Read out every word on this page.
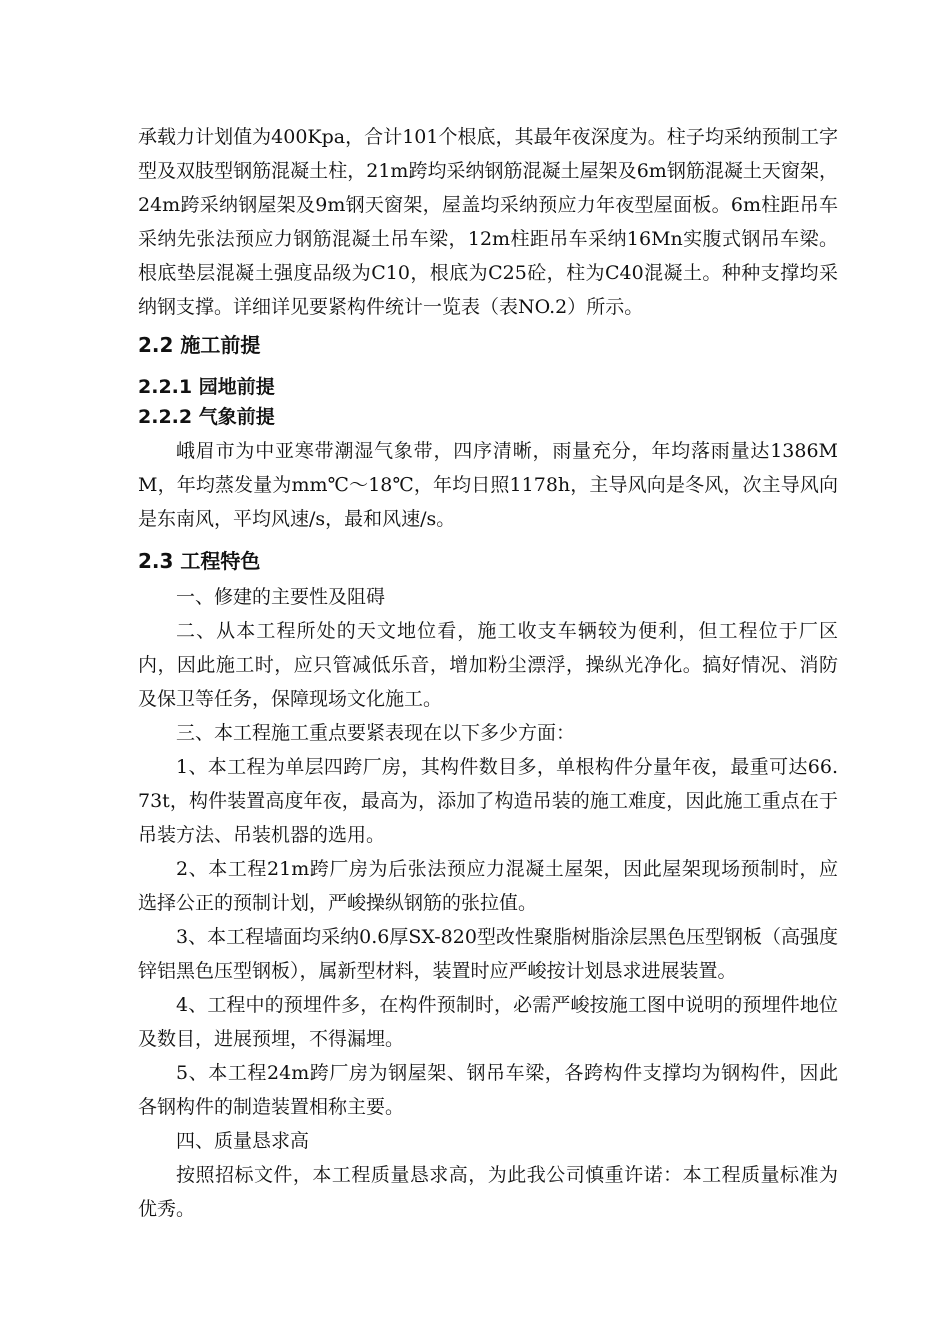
承载力计划值为400Kpa，合计101个根底，其最年夜深度为。柱子均采纳预制工字型及双肢型钢筋混凝土柱，21m跨均采纳钢筋混凝土屋架及6m钢筋混凝土天窗架，24m跨采纳钢屋架及9m钢天窗架，屋盖均采纳预应力年夜型屋面板。6m柱距吊车采纳先张法预应力钢筋混凝土吊车梁，12m柱距吊车采纳16Mn实腹式钢吊车梁。根底垫层混凝土强度品级为C10，根底为C25砼，柱为C40混凝土。种种支撑均采纳钢支撑。详细详见要紧构件统计一览表（表NO.2）所示。

2.2 施工前提
2.2.1 园地前提
2.2.2 气象前提

峨眉市为中亚寒带潮湿气象带，四序清晰，雨量充分，年均落雨量达1386MM，年均蒸发量为mm℃～18℃，年均日照1178h，主导风向是冬风，次主导风向是东南风，平均风速/s，最和风速/s。

2.3 工程特色

一、修建的主要性及阻碍

二、从本工程所处的天文地位看，施工收支车辆较为便利，但工程位于厂区内，因此施工时，应只管减低乐音，增加粉尘漂浮，操纵光净化。搞好情况、消防及保卫等任务，保障现场文化施工。

三、本工程施工重点要紧表现在以下多少方面：

1、本工程为单层四跨厂房，其构件数目多，单根构件分量年夜，最重可达66.73t，构件装置高度年夜，最高为，添加了构造吊装的施工难度，因此施工重点在于吊装方法、吊装机器的选用。

2、本工程21m跨厂房为后张法预应力混凝土屋架，因此屋架现场预制时，应选择公正的预制计划，严峻操纵钢筋的张拉值。

3、本工程墙面均采纳0.6厚SX-820型改性聚脂树脂涂层黑色压型钢板（高强度锌铝黑色压型钢板），属新型材料，装置时应严峻按计划恳求进展装置。

4、工程中的预埋件多，在构件预制时，必需严峻按施工图中说明的预埋件地位及数目，进展预埋，不得漏埋。

5、本工程24m跨厂房为钢屋架、钢吊车梁，各跨构件支撑均为钢构件，因此各钢构件的制造装置相称主要。

四、质量恳求高

按照招标文件，本工程质量恳求高，为此我公司慎重许诺：本工程质量标准为优秀。
